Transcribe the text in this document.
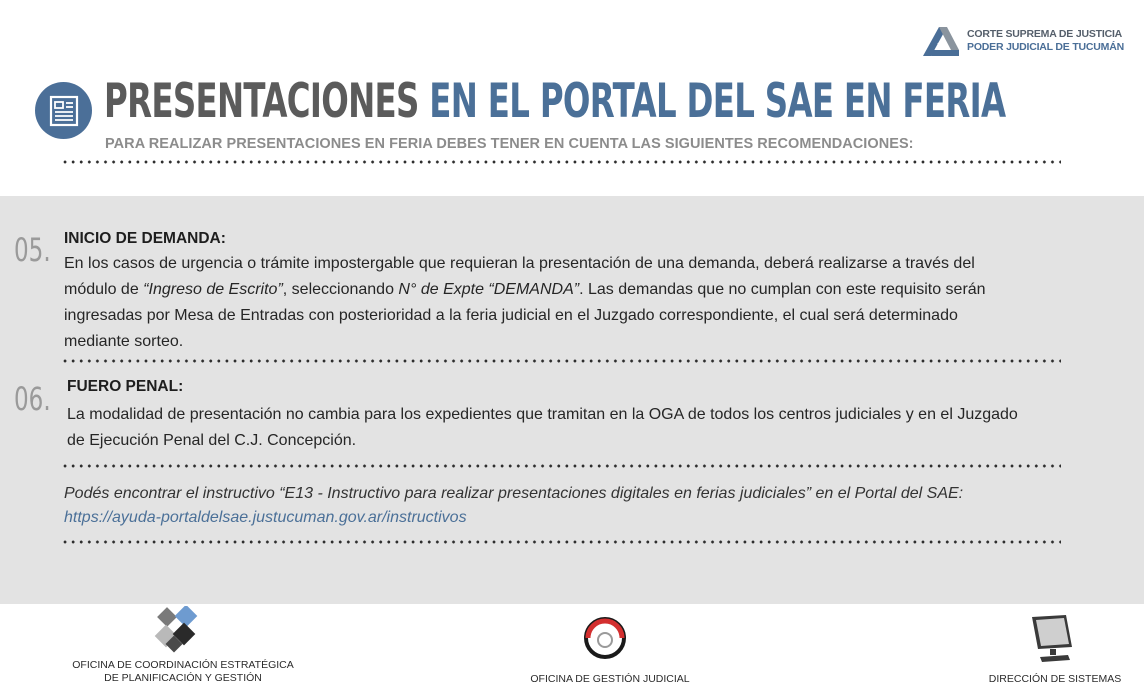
CORTE SUPREMA DE JUSTICIA
PODER JUDICIAL DE TUCUMÁN
PRESENTACIONES EN EL PORTAL DEL SAE EN FERIA
PARA REALIZAR PRESENTACIONES EN FERIA DEBES TENER EN CUENTA LAS SIGUIENTES RECOMENDACIONES:
05. INICIO DE DEMANDA:
En los casos de urgencia o trámite impostergable que requieran la presentación de una demanda, deberá realizarse a través del
módulo de “Ingreso de Escrito”, seleccionando N° de Expte “DEMANDA”. Las demandas que no cumplan con este requisito serán
ingresadas por Mesa de Entradas con posterioridad a la feria judicial en el Juzgado correspondiente, el cual será determinado
mediante sorteo.
06. FUERO PENAL:
La modalidad de presentación no cambia para los expedientes que tramitan en la OGA de todos los centros judiciales y en el Juzgado
de Ejecución Penal del C.J. Concepción.
Podés encontrar el instructivo “E13 - Instructivo para realizar presentaciones digitales en ferias judiciales” en el Portal del SAE:
https://ayuda-portaldelsae.justucuman.gov.ar/instructivos
OFICINA DE COORDINACIÓN ESTRATÉGICA
DE PLANIFICACIÓN Y GESTIÓN	OFICINA DE GESTIÓN JUDICIAL	DIRECCIÓN DE SISTEMAS
